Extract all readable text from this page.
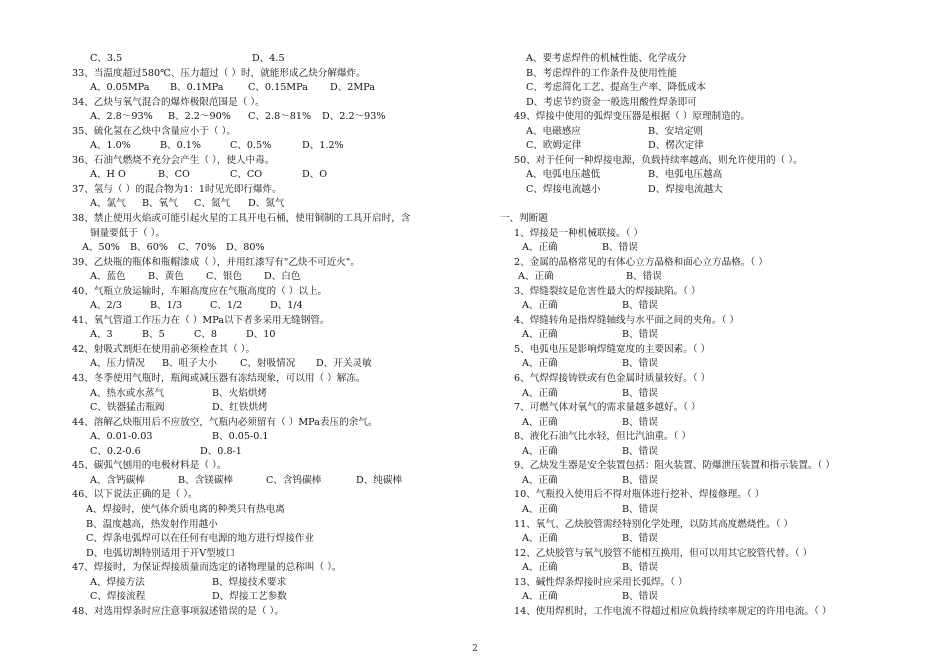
C、3.5	D、4.5
33、当温度超过580℃、压力超过（ ）时，就能形成乙炔分解爆炸。
A、0.05MPa B、0.1MPa	C、0.15MPa D、2MPa
34、乙炔与氧气混合的爆炸极限范围是（ ）。
A、2.8～93% B、2.2～90% C、2.8～81% D、2.2～93%
35、硫化氢在乙炔中含量应小于（ ）。
A、1.0%	B、0.1%	C、0.5%	D、1.2%
36、石油气燃烧不充分会产生（ ），使人中毒。
A、H O	B、CO	C、CO	D、O
37、氢与（ ）的混合物为1：1时见光即行爆炸。
A、氯气 B、氧气 C、氮气 D、氮气
38、禁止使用火焰或可能引起火星的工具开电石桶，使用铜制的工具开启时，含
铜量要低于（ ）。
A、50% B、60% C、70% D、80%
39、乙炔瓶的瓶体和瓶帽漆成（ ），并用红漆写有"乙炔不可近火"。
A、蓝色 B、黄色 C、银色 D、白色
40、气瓶立放运输时，车厢高度应在气瓶高度的（ ）以上。
A、2/3	B、1/3	C、1/2	D、1/4
41、氧气管道工作压力在（ ）MPa以下者多采用无缝钢管。
A、3	B、5	C、8	D、10
42、射吸式割炬在使用前必须检查其（ ）。
A、压力情况 B、咀子大小 C、射吸情况 D、开关灵敏
43、冬季使用气瓶时，瓶阀或减压器有冻结现象，可以用（ ）解冻。
A、热水或水蒸气	B、火焰烘烤
C、铁器猛击瓶阀	D、红铁烘烤
44、溶解乙炔瓶用后不应放空，气瓶内必须留有（ ）MPa表压的余气。
A、0.01-0.03	B、0.05-0.1
C、0.2-0.6	D、0.8-1
45、碳弧气刨用的电极材料是（ ）。
A、含钙碳棒	B、含镁碳棒	C、含钨碳棒	D、纯碳棒
46、以下说法正确的是（ ）。
A、焊接时，使气体介质电离的种类只有热电离
B、温度越高，热发射作用越小
C、焊条电弧焊可以在任何有电源的地方进行焊接作业
D、电弧切割特别适用于开V型坡口
47、焊接时，为保证焊接质量而选定的诸物理量的总称叫（ ）。
A、焊接方法	B、焊接技术要求
C、焊接流程	D、焊接工艺参数
48、对选用焊条时应注意事项叙述错误的是（ ）。
A、要考虑焊件的机械性能、化学成分
B、考虑焊件的工作条件及使用性能
C、考虑简化工艺、提高生产率、降低成本
D、考虑节约资金一般选用酸性焊条即可
49、焊接中使用的弧焊变压器是根据（ ）原理制造的。
A、电磁感应	B、安培定则
C、欧姆定律	D、楞次定律
50、对于任何一种焊接电源，负载持续率越高，则允许使用的（ ）。
A、电弧电压越低	B、电弧电压越高
C、焊接电流越小	D、焊接电流越大
一、判断题
1、焊接是一种机械联接。（ ）
A、正确	B、错误
2、金属的晶格常见的有体心立方晶格和面心立方晶格。（ ）
A、正确	B、错误
3、焊缝裂纹是危害性最大的焊接缺陷。（ ）
A、正确	B、错误
4、焊缝转角是指焊缝轴线与水平面之间的夹角。（ ）
A、正确	B、错误
5、电弧电压是影响焊缝宽度的主要因素。（ ）
A、正确	B、错误
6、气焊焊接铸铁或有色金属时质量较好。（ ）
A、正确	B、错误
7、可燃气体对氧气的需求量越多越好。（ ）
A、正确	B、错误
8、液化石油气比水轻，但比汽油重。（ ）
A、正确	B、错误
9、乙炔发生器是安全装置包括：阻火装置、防爆泄压装置和指示装置。（ ）
A、正确	B、错误
10、气瓶投入使用后不得对瓶体进行挖补、焊接修理。（ ）
A、正确	B、错误
11、氧气、乙炔胶管需经特别化学处理，以防其高度燃烧性。（ ）
A、正确	B、错误
12、乙炔胶管与氧气胶管不能相互换用，但可以用其它胶管代替。（ ）
A、正确	B、错误
13、碱性焊条焊接时应采用长弧焊。（ ）
A、正确	B、错误
14、使用焊机时，工作电流不得超过相应负载持续率规定的许用电流。（ ）
2
